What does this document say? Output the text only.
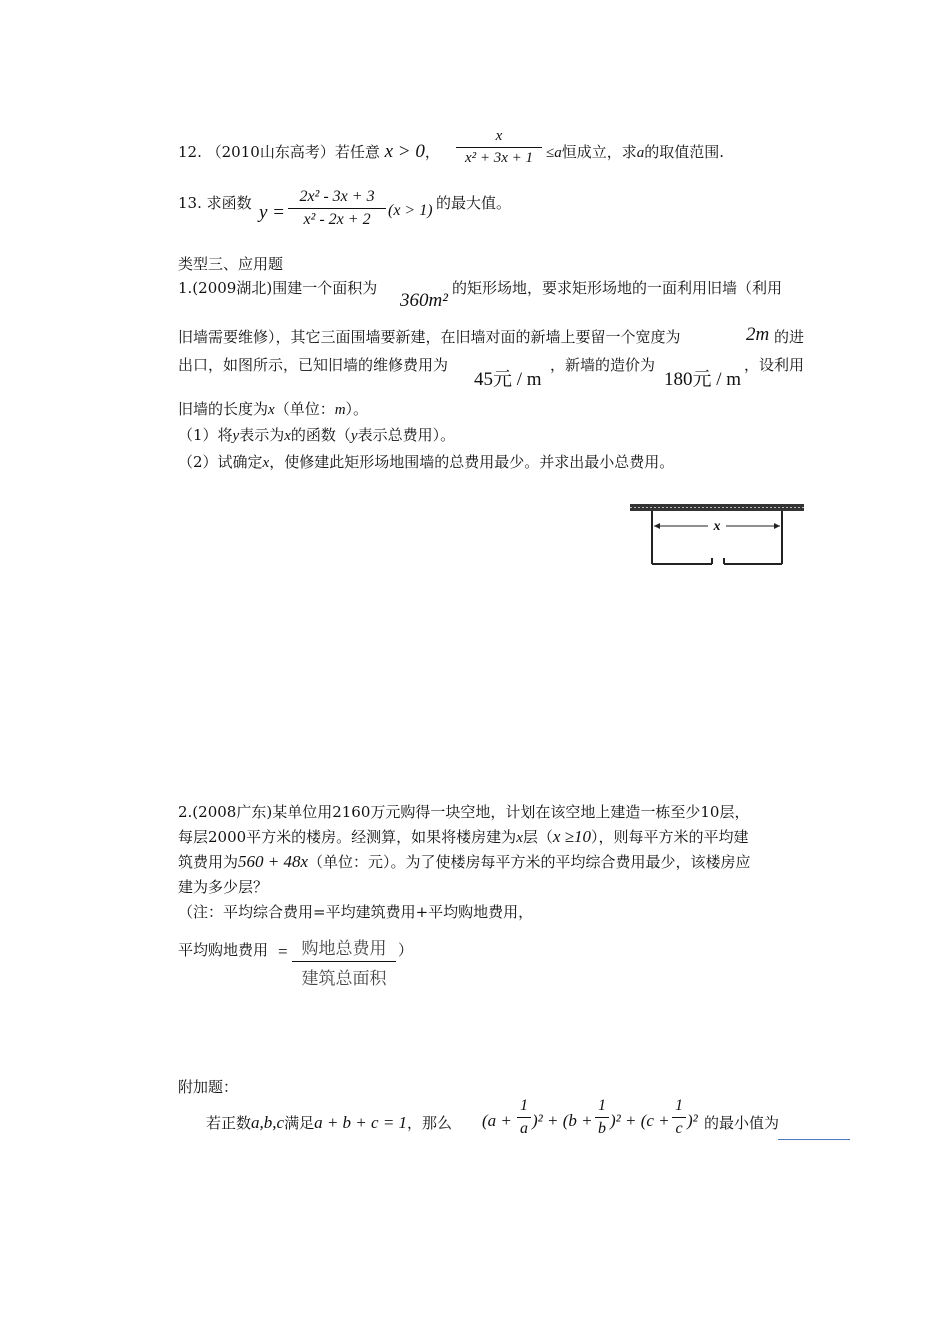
12. （2010山东高考）若任意 x > 0，
x
x² + 3x + 1 ≤a恒成立，求a的取值范围.
13. 求函数 y =
2x² - 3x + 3
x² - 2x + 2
(x > 1) 的最大值。
类型三、应用题
1.(2009湖北)围建一个面积为
360m²
的矩形场地，要求矩形场地的一面利用旧墙（利用
旧墙需要维修），其它三面围墙要新建，在旧墙对面的新墙上要留一个宽度为	2m 的进
出口，如图所示，已知旧墙的维修费用为
45元 / m
，新墙的造价为
180元 / m
，设利用
旧墙的长度为x（单位：m）。
（1）将y表示为x的函数（y表示总费用）。
（2）试确定x，使修建此矩形场地围墙的总费用最少。并求出最小总费用。
x
2.(2008广东)某单位用2160万元购得一块空地，计划在该空地上建造一栋至少10层，
每层2000平方米的楼房。经测算，如果将楼房建为x层（x ≥10），则每平方米的平均建
筑费用为560 + 48x（单位：元）。为了使楼房每平方米的平均综合费用最少，该楼房应
建为多少层？
（注：平均综合费用=平均建筑费用+平均购地费用，
平均购地费用 = 购地总费用
建筑总面积
）
附加题：
若正数a,b,c满足a + b + c = 1，那么 (a +
1
a )² + (b +
1
b )² + (c +
1
c )² 的最小值为
